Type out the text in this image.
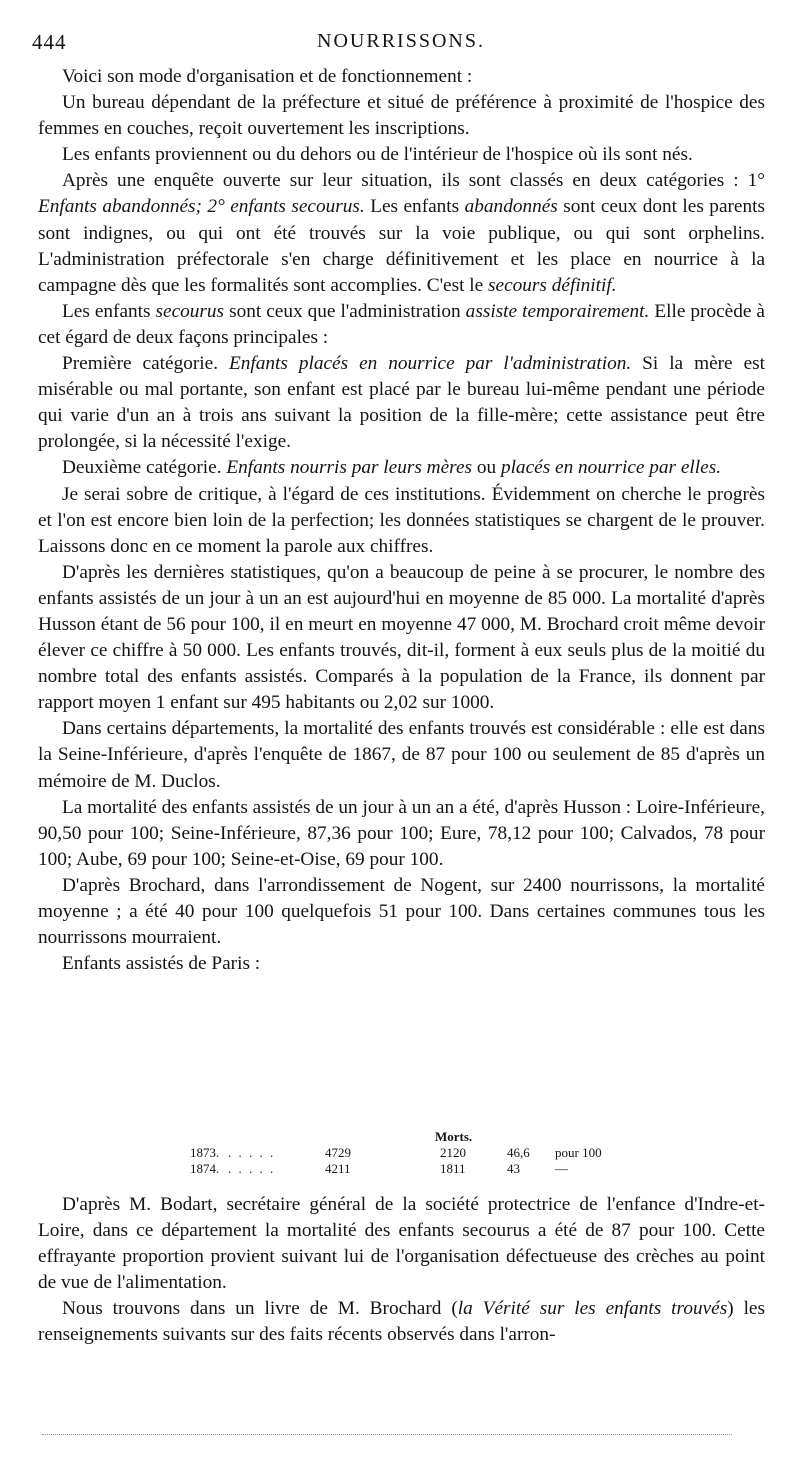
444	NOURRISSONS.

Voici son mode d'organisation et de fonctionnement :

Un bureau dépendant de la préfecture et situé de préférence à proximité de l'hospice des femmes en couches, reçoit ouvertement les inscriptions.

Les enfants proviennent ou du dehors ou de l'intérieur de l'hospice où ils sont nés.

Après une enquête ouverte sur leur situation, ils sont classés en deux catégories : 1° Enfants abandonnés; 2° enfants secourus. Les enfants abandonnés sont ceux dont les parents sont indignes, ou qui ont été trouvés sur la voie publique, ou qui sont orphelins. L'administration préfectorale s'en charge définitivement et les place en nourrice à la campagne dès que les formalités sont accomplies. C'est le secours définitif.

Les enfants secourus sont ceux que l'administration assiste temporairement. Elle procède à cet égard de deux façons principales :

Première catégorie. Enfants placés en nourrice par l'administration. Si la mère est misérable ou mal portante, son enfant est placé par le bureau lui-même pendant une période qui varie d'un an à trois ans suivant la position de la fille-mère; cette assistance peut être prolongée, si la nécessité l'exige.

Deuxième catégorie. Enfants nourris par leurs mères ou placés en nourrice par elles.

Je serai sobre de critique, à l'égard de ces institutions. Évidemment on cherche le progrès et l'on est encore bien loin de la perfection; les données statistiques se chargent de le prouver. Laissons donc en ce moment la parole aux chiffres.

D'après les dernières statistiques, qu'on a beaucoup de peine à se procurer, le nombre des enfants assistés de un jour à un an est aujourd'hui en moyenne de 85 000. La mortalité d'après Husson étant de 56 pour 100, il en meurt en moyenne 47 000, M. Brochard croit même devoir élever ce chiffre à 50 000. Les enfants trouvés, dit-il, forment à eux seuls plus de la moitié du nombre total des enfants assistés. Comparés à la population de la France, ils donnent par rapport moyen 1 enfant sur 495 habitants ou 2,02 sur 1000.

Dans certains départements, la mortalité des enfants trouvés est considérable : elle est dans la Seine-Inférieure, d'après l'enquête de 1867, de 87 pour 100 ou seulement de 85 d'après un mémoire de M. Duclos.

La mortalité des enfants assistés de un jour à un an a été, d'après Husson : Loire-Inférieure, 90,50 pour 100; Seine-Inférieure, 87,36 pour 100; Eure, 78,12 pour 100; Calvados, 78 pour 100; Aube, 69 pour 100; Seine-et-Oise, 69 pour 100.

D'après Brochard, dans l'arrondissement de Nogent, sur 2400 nourrissons, la mortalité moyenne ; a été 40 pour 100 quelquefois 51 pour 100. Dans certaines communes tous les nourrissons mourraient.

Enfants assistés de Paris :

Morts.
1873. . . . . .	4729	2120	46,6 pour 100
1874. . . . . .	4211	1811	43	—

D'après M. Bodart, secrétaire général de la société protectrice de l'enfance d'Indre-et-Loire, dans ce département la mortalité des enfants secourus a été de 87 pour 100. Cette effrayante proportion provient suivant lui de l'organisation défectueuse des crèches au point de vue de l'alimentation.

Nous trouvons dans un livre de M. Brochard (la Vérité sur les enfants trouvés) les renseignements suivants sur des faits récents observés dans l'arron-
